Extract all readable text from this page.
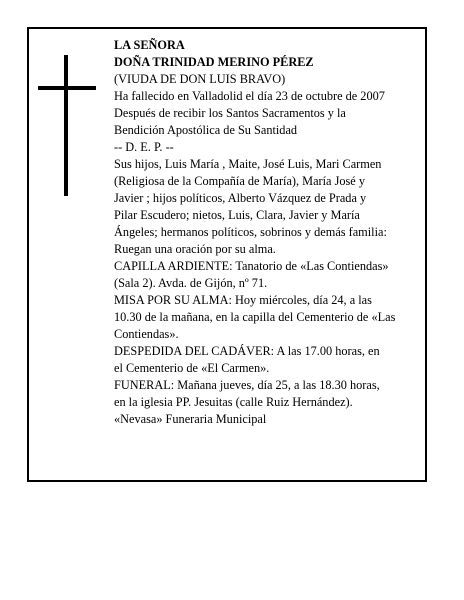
LA SEÑORA
DOÑA TRINIDAD MERINO PÉREZ
(VIUDA DE DON LUIS BRAVO)
Ha fallecido en Valladolid el día 23 de octubre de 2007
Después de recibir los Santos Sacramentos y la
Bendición Apostólica de Su Santidad
-- D. E. P. --
Sus hijos, Luis María , Maite, José Luis, Mari Carmen
(Religiosa de la Compañía de María), María José y
Javier ; hijos políticos, Alberto Vázquez de Prada y
Pilar Escudero; nietos, Luis, Clara, Javier y María
Ángeles; hermanos políticos, sobrinos y demás familia:
Ruegan una oración por su alma.
CAPILLA ARDIENTE: Tanatorio de «Las Contiendas»
(Sala 2). Avda. de Gijón, nº 71.
MISA POR SU ALMA: Hoy miércoles, día 24, a las
10.30 de la mañana, en la capilla del Cementerio de «Las
Contiendas».
DESPEDIDA DEL CADÁVER: A las 17.00 horas, en
el Cementerio de «El Carmen».
FUNERAL: Mañana jueves, día 25, a las 18.30 horas,
en la iglesia PP. Jesuitas (calle Ruiz Hernández).
«Nevasa» Funeraria Municipal
